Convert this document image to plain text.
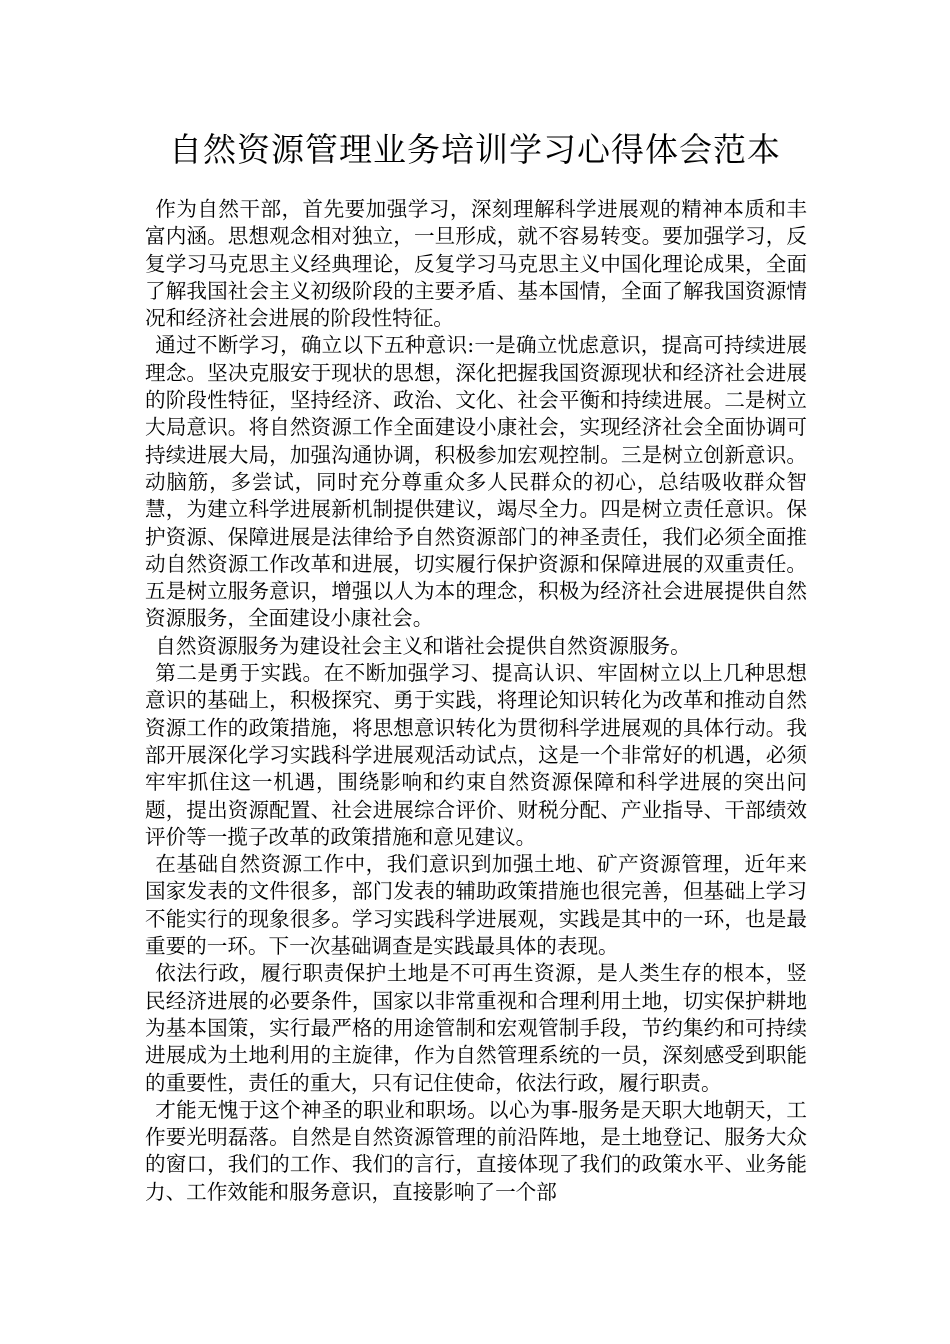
自然资源管理业务培训学习心得体会范本

作为自然干部，首先要加强学习，深刻理解科学进展观的精神本质和丰富内涵。思想观念相对独立，一旦形成，就不容易转变。要加强学习，反复学习马克思主义经典理论，反复学习马克思主义中国化理论成果，全面了解我国社会主义初级阶段的主要矛盾、基本国情，全面了解我国资源情况和经济社会进展的阶段性特征。

通过不断学习，确立以下五种意识:一是确立忧虑意识，提高可持续进展理念。坚决克服安于现状的思想，深化把握我国资源现状和经济社会进展的阶段性特征，坚持经济、政治、文化、社会平衡和持续进展。二是树立大局意识。将自然资源工作全面建设小康社会，实现经济社会全面协调可持续进展大局，加强沟通协调，积极参加宏观控制。三是树立创新意识。动脑筋，多尝试，同时充分尊重众多人民群众的初心，总结吸收群众智慧，为建立科学进展新机制提供建议，竭尽全力。四是树立责任意识。保护资源、保障进展是法律给予自然资源部门的神圣责任，我们必须全面推动自然资源工作改革和进展，切实履行保护资源和保障进展的双重责任。五是树立服务意识，增强以人为本的理念，积极为经济社会进展提供自然资源服务，全面建设小康社会。

自然资源服务为建设社会主义和谐社会提供自然资源服务。

第二是勇于实践。在不断加强学习、提高认识、牢固树立以上几种思想意识的基础上，积极探究、勇于实践，将理论知识转化为改革和推动自然资源工作的政策措施，将思想意识转化为贯彻科学进展观的具体行动。我部开展深化学习实践科学进展观活动试点，这是一个非常好的机遇，必须牢牢抓住这一机遇，围绕影响和约束自然资源保障和科学进展的突出问题，提出资源配置、社会进展综合评价、财税分配、产业指导、干部绩效评价等一揽子改革的政策措施和意见建议。

在基础自然资源工作中，我们意识到加强土地、矿产资源管理，近年来国家发表的文件很多，部门发表的辅助政策措施也很完善，但基础上学习不能实行的现象很多。学习实践科学进展观，实践是其中的一环，也是最重要的一环。下一次基础调查是实践最具体的表现。

依法行政，履行职责保护土地是不可再生资源，是人类生存的根本，竖民经济进展的必要条件，国家以非常重视和合理利用土地，切实保护耕地为基本国策，实行最严格的用途管制和宏观管制手段，节约集约和可持续进展成为土地利用的主旋律，作为自然管理系统的一员，深刻感受到职能的重要性，责任的重大，只有记住使命，依法行政，履行职责。

才能无愧于这个神圣的职业和职场。以心为事-服务是天职大地朝天，工作要光明磊落。自然是自然资源管理的前沿阵地，是土地登记、服务大众的窗口，我们的工作、我们的言行，直接体现了我们的政策水平、业务能力、工作效能和服务意识，直接影响了一个部
